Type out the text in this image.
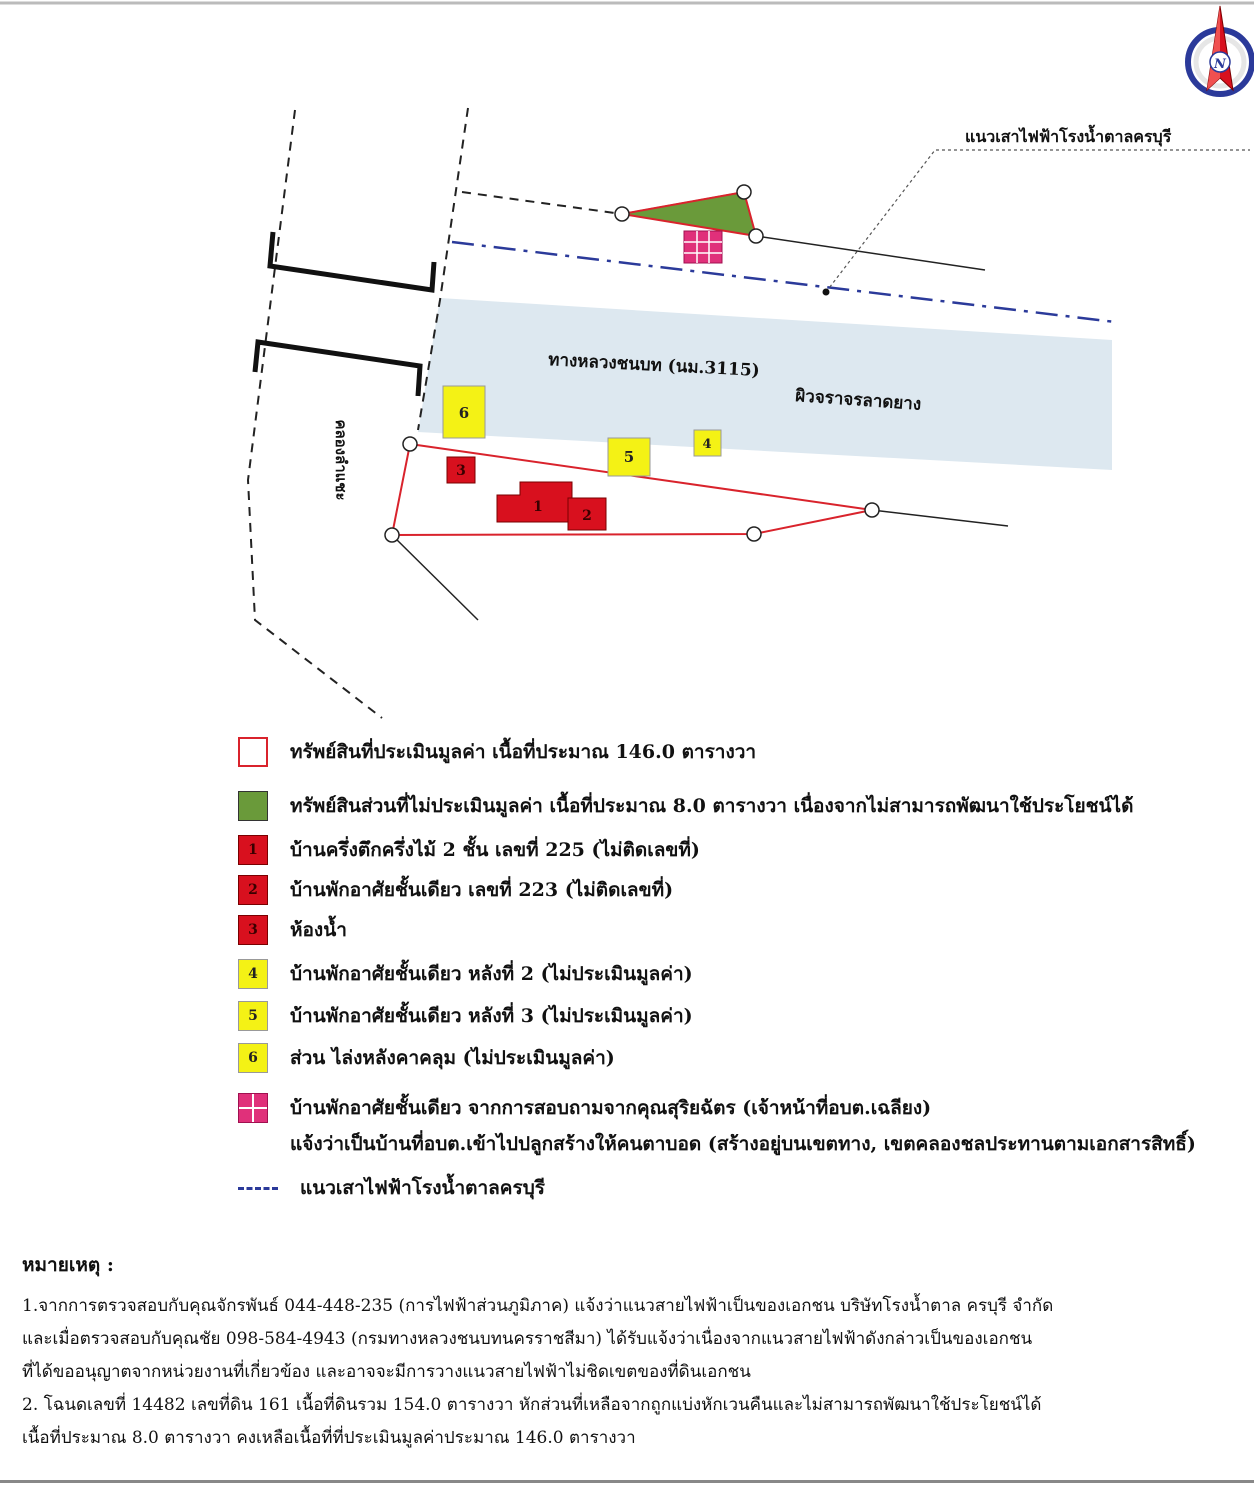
3
1
2
6
5
4
ทางหลวงชนบท (นม.3115)
ผิวจราจรลาดยาง
คลองลำแชะ
แนวเสาไฟฟ้าโรงน้ำตาลครบุรี
N
ทรัพย์สินที่ประเมินมูลค่า เนื้อที่ประมาณ 146.0 ตารางวา
ทรัพย์สินส่วนที่ไม่ประเมินมูลค่า เนื้อที่ประมาณ 8.0 ตารางวา เนื่องจากไม่สามารถพัฒนาใช้ประโยชน์ได้
1	บ้านครึ่งตึกครึ่งไม้ 2 ชั้น เลขที่ 225 (ไม่ติดเลขที่)
2	บ้านพักอาศัยชั้นเดียว เลขที่ 223 (ไม่ติดเลขที่)
3	ห้องน้ำ
4	บ้านพักอาศัยชั้นเดียว หลังที่ 2 (ไม่ประเมินมูลค่า)
5	บ้านพักอาศัยชั้นเดียว หลังที่ 3 (ไม่ประเมินมูลค่า)
6	ส่วน ไล่งหลังคาคลุม (ไม่ประเมินมูลค่า)
บ้านพักอาศัยชั้นเดียว จากการสอบถามจากคุณสุริยฉัตร (เจ้าหน้าที่อบต.เฉลียง)
แจ้งว่าเป็นบ้านที่อบต.เข้าไปปลูกสร้างให้คนตาบอด (สร้างอยู่บนเขตทาง, เขตคลองชลประทานตามเอกสารสิทธิ์)
แนวเสาไฟฟ้าโรงน้ำตาลครบุรี
หมายเหตุ :
1.จากการตรวจสอบกับคุณจักรพันธ์ 044-448-235 (การไฟฟ้าส่วนภูมิภาค) แจ้งว่าแนวสายไฟฟ้าเป็นของเอกชน บริษัทโรงน้ำตาล ครบุรี จำกัด
และเมื่อตรวจสอบกับคุณชัย 098-584-4943 (กรมทางหลวงชนบทนครราชสีมา) ได้รับแจ้งว่าเนื่องจากแนวสายไฟฟ้าดังกล่าวเป็นของเอกชน
ที่ได้ขออนุญาตจากหน่วยงานที่เกี่ยวข้อง และอาจจะมีการวางแนวสายไฟฟ้าไม่ชิดเขตของที่ดินเอกชน
2. โฉนดเลขที่ 14482 เลขที่ดิน 161 เนื้อที่ดินรวม 154.0 ตารางวา หักส่วนที่เหลือจากถูกแบ่งหักเวนคืนและไม่สามารถพัฒนาใช้ประโยชน์ได้
เนื้อที่ประมาณ 8.0 ตารางวา คงเหลือเนื้อที่ที่ประเมินมูลค่าประมาณ 146.0 ตารางวา
